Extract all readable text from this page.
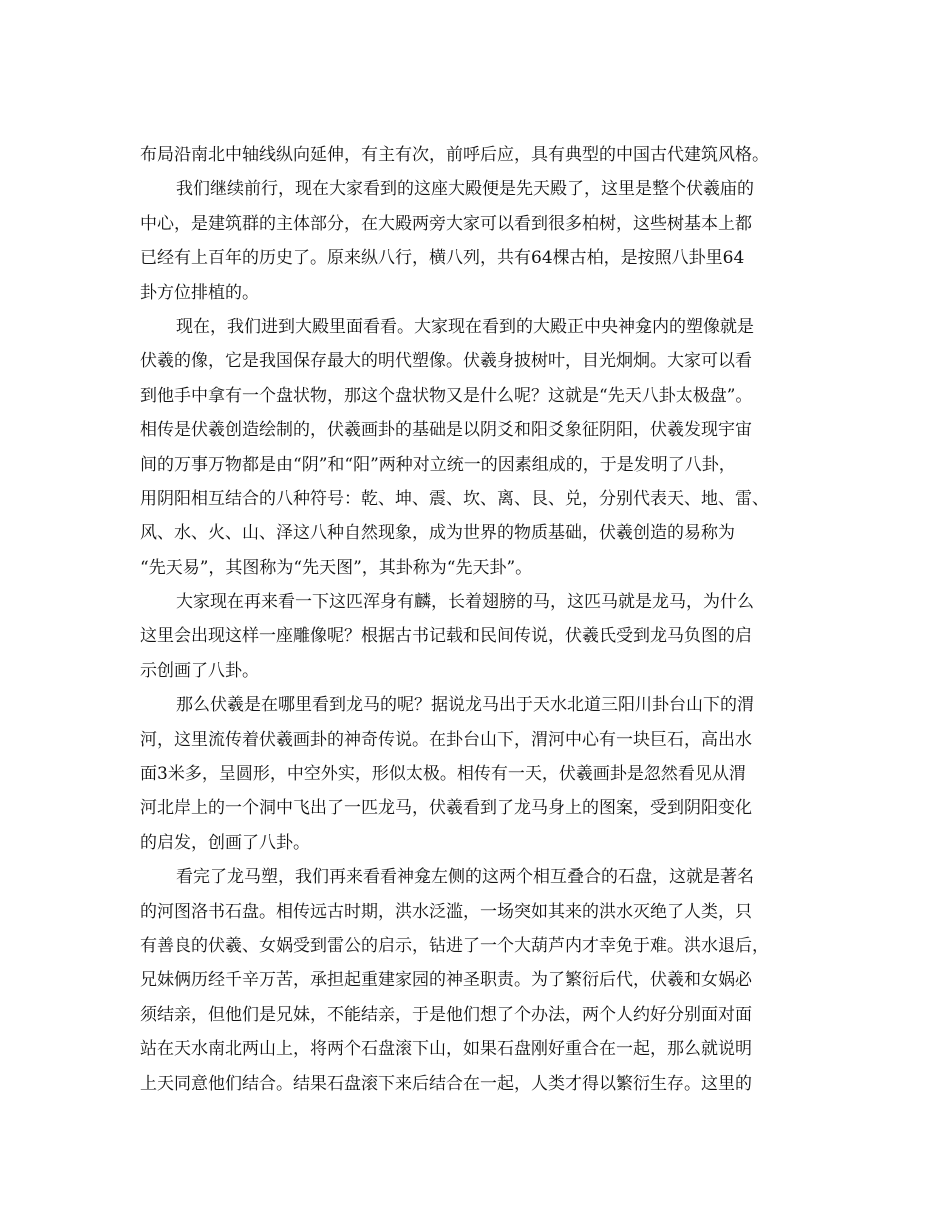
布局沿南北中轴线纵向延伸，有主有次，前呼后应，具有典型的中国古代建筑风格。
我们继续前行，现在大家看到的这座大殿便是先天殿了，这里是整个伏羲庙的
中心，是建筑群的主体部分，在大殿两旁大家可以看到很多柏树，这些树基本上都
已经有上百年的历史了。原来纵八行，横八列，共有64棵古柏，是按照八卦里64
卦方位排植的。
现在，我们进到大殿里面看看。大家现在看到的大殿正中央神龛内的塑像就是
伏羲的像，它是我国保存最大的明代塑像。伏羲身披树叶，目光炯炯。大家可以看
到他手中拿有一个盘状物，那这个盘状物又是什么呢？这就是“先天八卦太极盘”。
相传是伏羲创造绘制的，伏羲画卦的基础是以阴爻和阳爻象征阴阳，伏羲发现宇宙
间的万事万物都是由“阴”和“阳”两种对立统一的因素组成的，于是发明了八卦，
用阴阳相互结合的八种符号：乾、坤、震、坎、离、艮、兑，分别代表天、地、雷、
风、水、火、山、泽这八种自然现象，成为世界的物质基础，伏羲创造的易称为
“先天易”，其图称为“先天图”，其卦称为“先天卦”。
大家现在再来看一下这匹浑身有麟，长着翅膀的马，这匹马就是龙马，为什么
这里会出现这样一座雕像呢？根据古书记载和民间传说，伏羲氏受到龙马负图的启
示创画了八卦。
那么伏羲是在哪里看到龙马的呢？据说龙马出于天水北道三阳川卦台山下的渭
河，这里流传着伏羲画卦的神奇传说。在卦台山下，渭河中心有一块巨石，高出水
面3米多，呈圆形，中空外实，形似太极。相传有一天，伏羲画卦是忽然看见从渭
河北岸上的一个洞中飞出了一匹龙马，伏羲看到了龙马身上的图案，受到阴阳变化
的启发，创画了八卦。
看完了龙马塑，我们再来看看神龛左侧的这两个相互叠合的石盘，这就是著名
的河图洛书石盘。相传远古时期，洪水泛滥，一场突如其来的洪水灭绝了人类，只
有善良的伏羲、女娲受到雷公的启示，钻进了一个大葫芦内才幸免于难。洪水退后，
兄妹俩历经千辛万苦，承担起重建家园的神圣职责。为了繁衍后代，伏羲和女娲必
须结亲，但他们是兄妹，不能结亲，于是他们想了个办法，两个人约好分别面对面
站在天水南北两山上，将两个石盘滚下山，如果石盘刚好重合在一起，那么就说明
上天同意他们结合。结果石盘滚下来后结合在一起，人类才得以繁衍生存。这里的
